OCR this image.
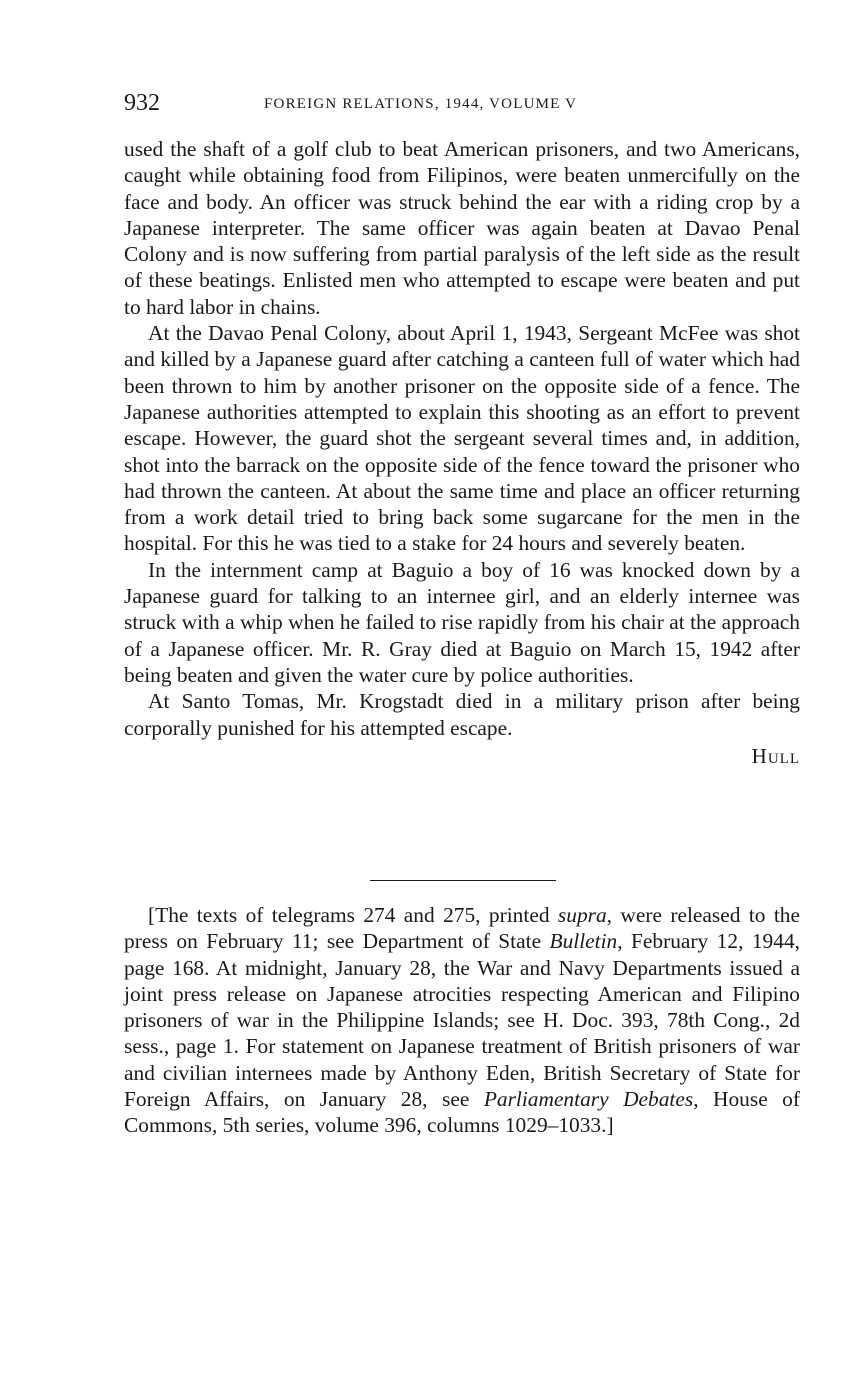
932	FOREIGN RELATIONS, 1944, VOLUME V

used the shaft of a golf club to beat American prisoners, and two Americans, caught while obtaining food from Filipinos, were beaten unmercifully on the face and body. An officer was struck behind the ear with a riding crop by a Japanese interpreter. The same officer was again beaten at Davao Penal Colony and is now suffering from partial paralysis of the left side as the result of these beatings. Enlisted men who attempted to escape were beaten and put to hard labor in chains.

At the Davao Penal Colony, about April 1, 1943, Sergeant McFee was shot and killed by a Japanese guard after catching a canteen full of water which had been thrown to him by another prisoner on the opposite side of a fence. The Japanese authorities attempted to explain this shooting as an effort to prevent escape. However, the guard shot the sergeant several times and, in addition, shot into the barrack on the opposite side of the fence toward the prisoner who had thrown the canteen. At about the same time and place an officer returning from a work detail tried to bring back some sugarcane for the men in the hospital. For this he was tied to a stake for 24 hours and severely beaten.

In the internment camp at Baguio a boy of 16 was knocked down by a Japanese guard for talking to an internee girl, and an elderly internee was struck with a whip when he failed to rise rapidly from his chair at the approach of a Japanese officer. Mr. R. Gray died at Baguio on March 15, 1942 after being beaten and given the water cure by police authorities.

At Santo Tomas, Mr. Krogstadt died in a military prison after being corporally punished for his attempted escape.

Hull

[The texts of telegrams 274 and 275, printed supra, were released to the press on February 11; see Department of State Bulletin, February 12, 1944, page 168. At midnight, January 28, the War and Navy Departments issued a joint press release on Japanese atrocities respecting American and Filipino prisoners of war in the Philippine Islands; see H. Doc. 393, 78th Cong., 2d sess., page 1. For statement on Japanese treatment of British prisoners of war and civilian internees made by Anthony Eden, British Secretary of State for Foreign Affairs, on January 28, see Parliamentary Debates, House of Commons, 5th series, volume 396, columns 1029–1033.]
